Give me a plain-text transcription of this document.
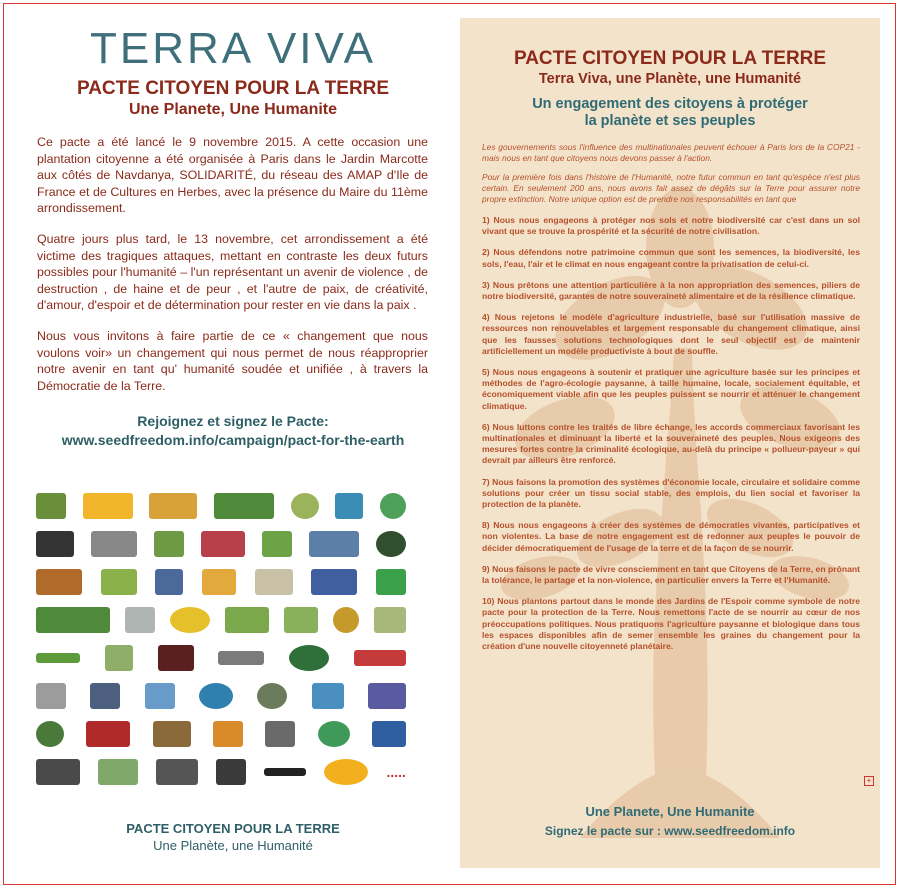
TERRA VIVA
PACTE CITOYEN POUR LA TERRE
Une Planete, Une Humanite

Ce pacte a été lancé le 9 novembre 2015. A cette occasion une plantation citoyenne a été organisée à Paris dans le Jardin Marcotte aux côtés de Navdanya, SOLIDARITÉ, du réseau des AMAP d'Ile de France et de Cultures en Herbes, avec la présence du Maire du 11ème arrondissement.

Quatre jours plus tard, le 13 novembre, cet arrondissement a été victime des tragiques attaques, mettant en contraste les deux futurs possibles pour l'humanité – l'un représentant un avenir de violence , de destruction , de haine et de peur , et l'autre de paix, de créativité, d'amour, d'espoir et de détermination pour rester en vie dans la paix .

Nous vous invitons à faire partie de ce « changement que nous voulons voir» un changement qui nous permet de nous réapproprier notre avenir en tant qu' humanité soudée et unifiée , à travers la Démocratie de la Terre.

Rejoignez et signez le Pacte:
www.seedfreedom.info/campaign/pact-for-the-earth
.....
PACTE CITOYEN POUR LA TERRE
Une Planète, une Humanité
PACTE CITOYEN POUR LA TERRE
Terra Viva, une Planète, une Humanité
Un engagement des citoyens à protéger
la planète et ses peuples

Les gouvernements sous l'influence des multinationales peuvent échouer à Paris lors de la COP21 - mais nous en tant que citoyens nous devons passer à l'action.

Pour la première fois dans l'histoire de l'Humanité, notre futur commun en tant qu'espèce n'est plus certain. En seulement 200 ans, nous avons fait assez de dégâts sur la Terre pour assurer notre propre extinction. Notre unique option est de prendre nos responsabilités en tant que

1) Nous nous engageons à protéger nos sols et notre biodiversité car c'est dans un sol vivant que se trouve la prospérité et la sécurité de notre civilisation.

2) Nous défendons notre patrimoine commun que sont les semences, la biodiversité, les sols, l'eau, l'air et le climat en nous engageant contre la privatisation de celui-ci.

3) Nous prêtons une attention particulière à la non appropriation des semences, piliers de notre biodiversité, garantes de notre souveraineté alimentaire et de la résilience climatique.

4) Nous rejetons le modèle d'agriculture industrielle, basé sur l'utilisation massive de ressources non renouvelables et largement responsable du changement climatique, ainsi que les fausses solutions technologiques dont le seul objectif est de maintenir artificiellement un modèle productiviste à bout de souffle.

5) Nous nous engageons à soutenir et pratiquer une agriculture basée sur les principes et méthodes de l'agro-écologie paysanne, à taille humaine, locale, socialement équitable, et économiquement viable afin que les peuples puissent se nourrir et atténuer le changement climatique.

6) Nous luttons contre les traités de libre échange, les accords commerciaux favorisant les multinationales et diminuant la liberté et la souveraineté des peuples. Nous exigeons des mesures fortes contre la criminalité écologique, au-delà du principe « pollueur-payeur » qui devrait par ailleurs être renforcé.

7) Nous faisons la promotion des systèmes d'économie locale, circulaire et solidaire comme solutions pour créer un tissu social stable, des emplois, du lien social et favoriser la protection de la planète.

8) Nous nous engageons à créer des systèmes de démocraties vivantes, participatives et non violentes. La base de notre engagement est de redonner aux peuples le pouvoir de décider démocratiquement de l'usage de la terre et de la façon de se nourrir.

9) Nous faisons le pacte de vivre consciemment en tant que Citoyens de la Terre, en prônant la tolérance, le partage et la non-violence, en particulier envers la Terre et l'Humanité.

10) Nous plantons partout dans le monde des Jardins de l'Espoir comme symbole de notre pacte pour la protection de la Terre. Nous remettons l'acte de se nourrir au cœur de nos préoccupations politiques. Nous pratiquons l'agriculture paysanne et biologique dans tous les espaces disponibles afin de semer ensemble les graines du changement pour la création d'une nouvelle citoyenneté planétaire.

+
Une Planete, Une Humanite
Signez le pacte sur : www.seedfreedom.info
